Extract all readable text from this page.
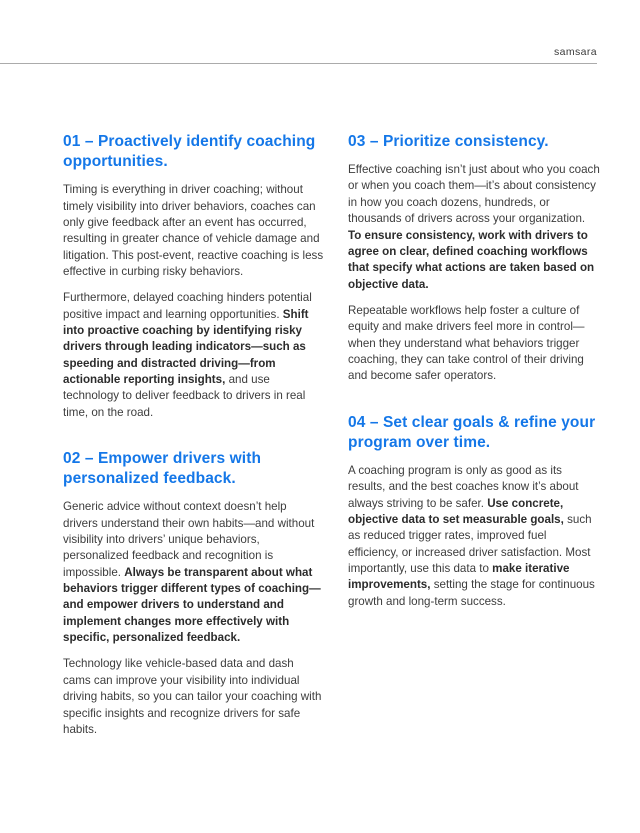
samsara
01 – Proactively identify coaching opportunities.

Timing is everything in driver coaching; without timely visibility into driver behaviors, coaches can only give feedback after an event has occurred, resulting in greater chance of vehicle damage and litigation. This post-event, reactive coaching is less effective in curbing risky behaviors.

Furthermore, delayed coaching hinders potential positive impact and learning opportunities. Shift into proactive coaching by identifying risky drivers through leading indicators—such as speeding and distracted driving—from actionable reporting insights, and use technology to deliver feedback to drivers in real time, on the road.

02 – Empower drivers with personalized feedback.

Generic advice without context doesn’t help drivers understand their own habits—and without visibility into drivers’ unique behaviors, personalized feedback and recognition is impossible. Always be transparent about what behaviors trigger different types of coaching—and empower drivers to understand and implement changes more effectively with specific, personalized feedback.

Technology like vehicle-based data and dash cams can improve your visibility into individual driving habits, so you can tailor your coaching with specific insights and recognize drivers for safe habits.

03 – Prioritize consistency.

Effective coaching isn’t just about who you coach or when you coach them—it’s about consistency in how you coach dozens, hundreds, or thousands of drivers across your organization. To ensure consistency, work with drivers to agree on clear, defined coaching workflows that specify what actions are taken based on objective data.

Repeatable workflows help foster a culture of equity and make drivers feel more in control—when they understand what behaviors trigger coaching, they can take control of their driving and become safer operators.

04 – Set clear goals & refine your program over time.

A coaching program is only as good as its results, and the best coaches know it’s about always striving to be safer. Use concrete, objective data to set measurable goals, such as reduced trigger rates, improved fuel efficiency, or increased driver satisfaction. Most importantly, use this data to make iterative improvements, setting the stage for continuous growth and long-term success.
